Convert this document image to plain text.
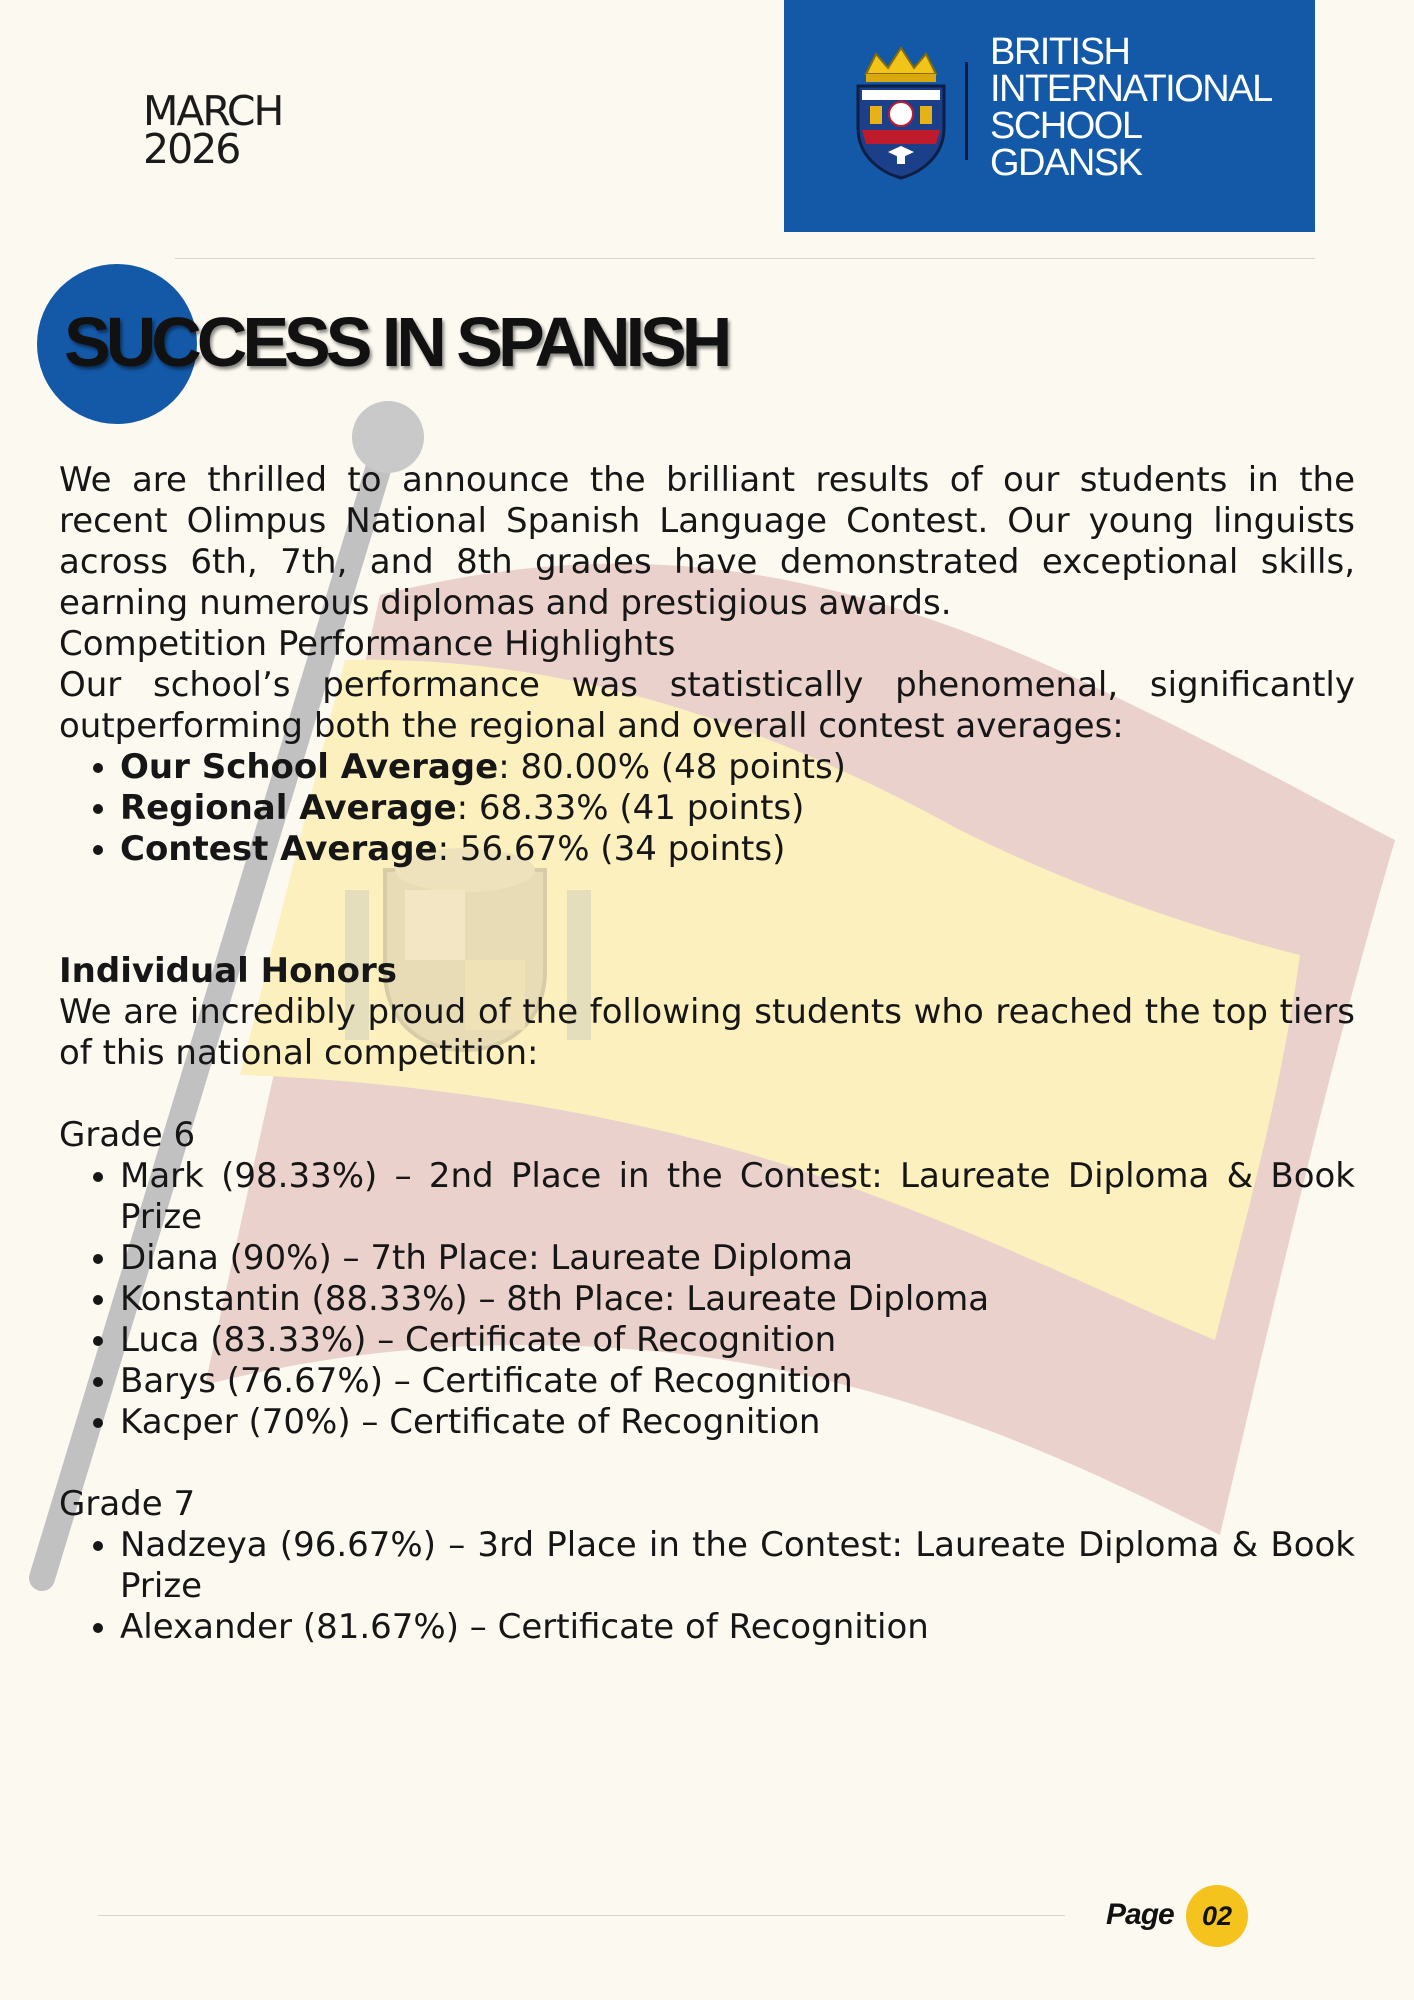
MARCH
2026
BRITISH
INTERNATIONAL
SCHOOL
GDANSK
SUCCESS IN SPANISH

We are thrilled to announce the brilliant results of our students in the recent Olimpus National Spanish Language Contest. Our young linguists across 6th, 7th, and 8th grades have demonstrated exceptional skills, earning numerous diplomas and prestigious awards.

Competition Performance Highlights

Our school’s performance was statistically phenomenal, significantly outperforming both the regional and overall contest averages:

• Our School Average: 80.00% (48 points)
• Regional Average: 68.33% (41 points)
• Contest Average: 56.67% (34 points)

Individual Honors

We are incredibly proud of the following students who reached the top tiers of this national competition:

Grade 6

• Mark (98.33%) – 2nd Place in the Contest: Laureate Diploma & Book Prize
• Diana (90%) – 7th Place: Laureate Diploma
• Konstantin (88.33%) – 8th Place: Laureate Diploma
• Luca (83.33%) – Certificate of Recognition
• Barys (76.67%) – Certificate of Recognition
• Kacper (70%) – Certificate of Recognition

Grade 7

• Nadzeya (96.67%) – 3rd Place in the Contest: Laureate Diploma & Book Prize
• Alexander (81.67%) – Certificate of Recognition
Page 02
